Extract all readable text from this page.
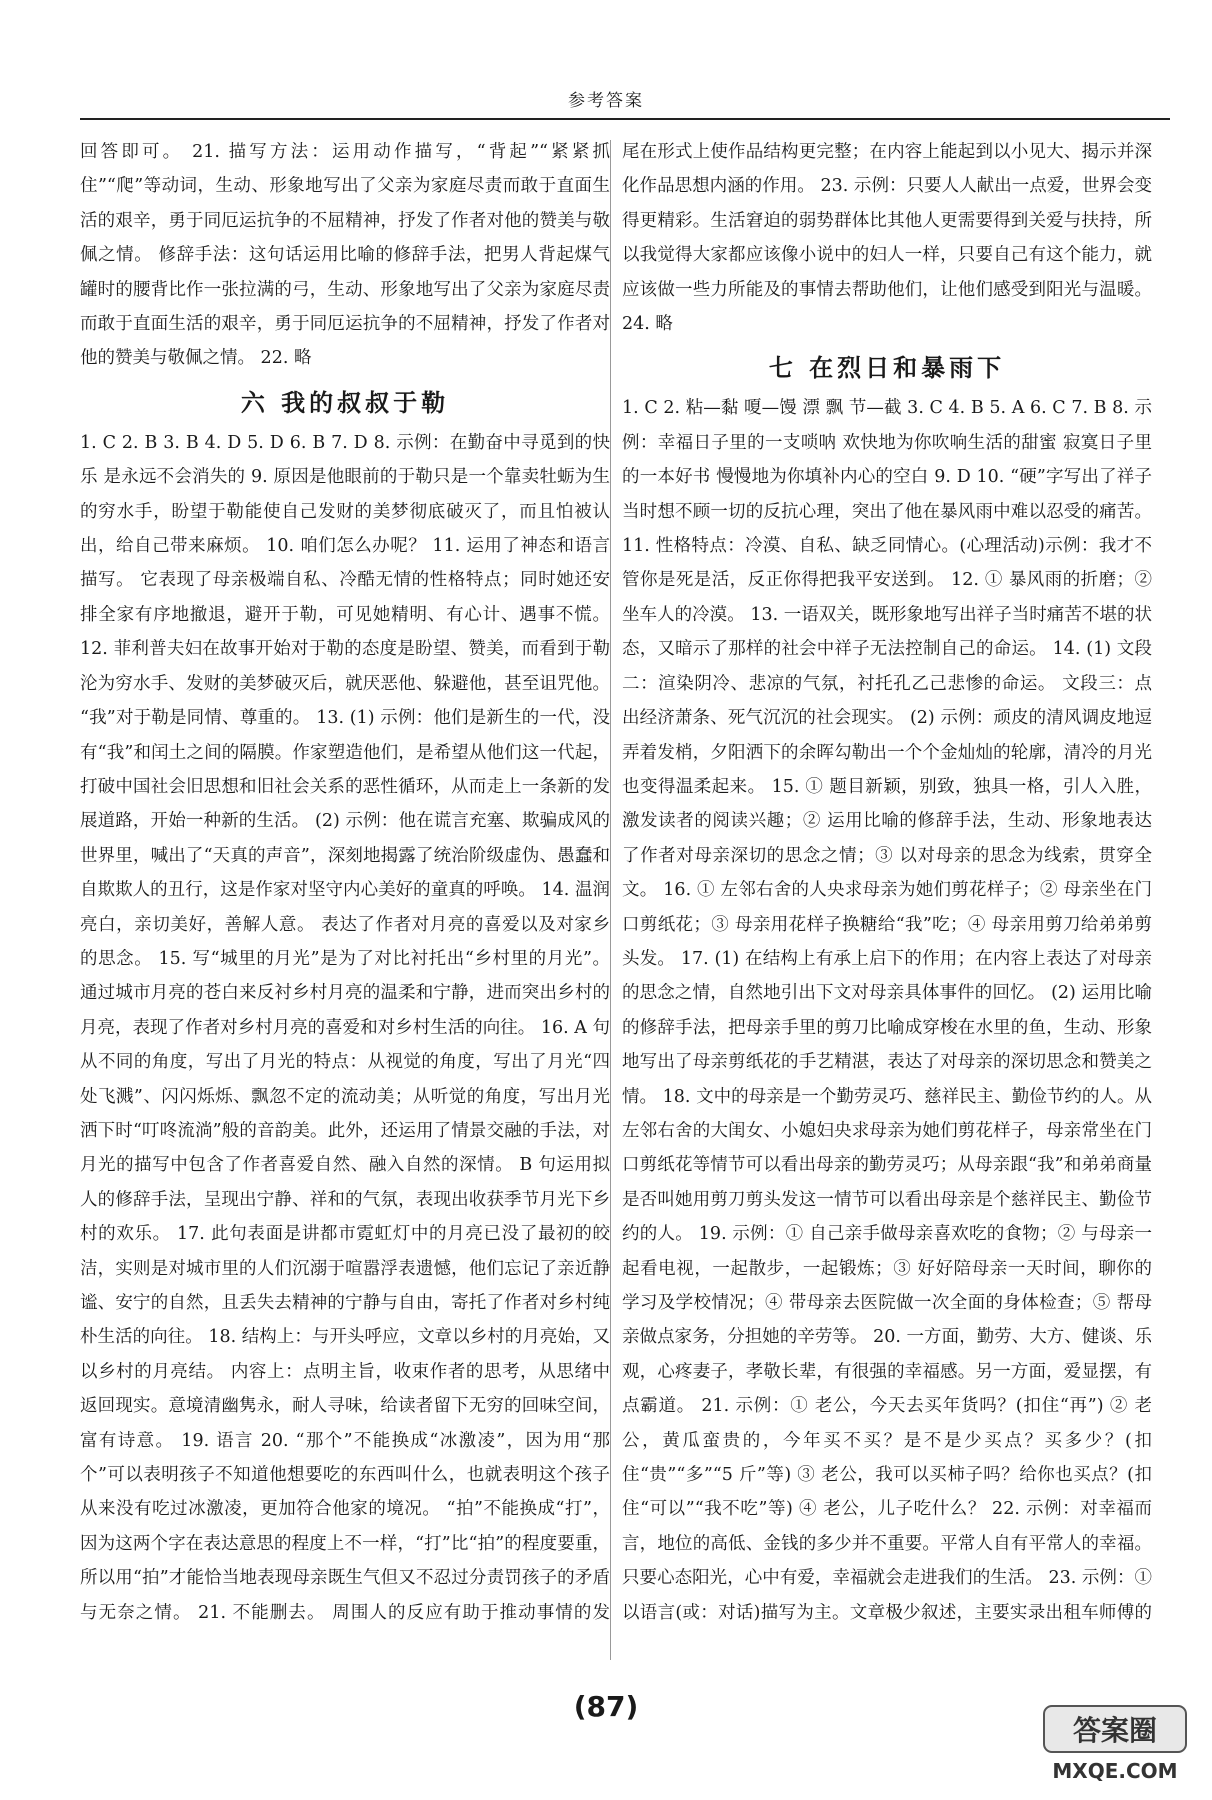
参考答案

回答即可。 21. 描写方法：运用动作描写，“背起”“紧紧抓住”“爬”等动词，生动、形象地写出了父亲为家庭尽责而敢于直面生活的艰辛，勇于同厄运抗争的不屈精神，抒发了作者对他的赞美与敬佩之情。 修辞手法：这句话运用比喻的修辞手法，把男人背起煤气罐时的腰背比作一张拉满的弓，生动、形象地写出了父亲为家庭尽责而敢于直面生活的艰辛，勇于同厄运抗争的不屈精神，抒发了作者对他的赞美与敬佩之情。 22. 略

六 我的叔叔于勒

1. C 2. B 3. B 4. D 5. D 6. B 7. D 8. 示例：在勤奋中寻觅到的快乐 是永远不会消失的 9. 原因是他眼前的于勒只是一个靠卖牡蛎为生的穷水手，盼望于勒能使自己发财的美梦彻底破灭了，而且怕被认出，给自己带来麻烦。 10. 咱们怎么办呢？ 11. 运用了神态和语言描写。 它表现了母亲极端自私、冷酷无情的性格特点；同时她还安排全家有序地撤退，避开于勒，可见她精明、有心计、遇事不慌。 12. 菲利普夫妇在故事开始对于勒的态度是盼望、赞美，而看到于勒沦为穷水手、发财的美梦破灭后，就厌恶他、躲避他，甚至诅咒他。 “我”对于勒是同情、尊重的。 13. (1) 示例：他们是新生的一代，没有“我”和闰土之间的隔膜。作家塑造他们，是希望从他们这一代起，打破中国社会旧思想和旧社会关系的恶性循环，从而走上一条新的发展道路，开始一种新的生活。 (2) 示例：他在谎言充塞、欺骗成风的世界里，喊出了“天真的声音”，深刻地揭露了统治阶级虚伪、愚蠢和自欺欺人的丑行，这是作家对坚守内心美好的童真的呼唤。 14. 温润亮白，亲切美好，善解人意。 表达了作者对月亮的喜爱以及对家乡的思念。 15. 写“城里的月光”是为了对比衬托出“乡村里的月光”。 通过城市月亮的苍白来反衬乡村月亮的温柔和宁静，进而突出乡村的月亮，表现了作者对乡村月亮的喜爱和对乡村生活的向往。 16. A 句从不同的角度，写出了月光的特点：从视觉的角度，写出了月光“四处飞溅”、闪闪烁烁、飘忽不定的流动美；从听觉的角度，写出月光洒下时“叮咚流淌”般的音韵美。此外，还运用了情景交融的手法，对月光的描写中包含了作者喜爱自然、融入自然的深情。 B 句运用拟人的修辞手法，呈现出宁静、祥和的气氛，表现出收获季节月光下乡村的欢乐。 17. 此句表面是讲都市霓虹灯中的月亮已没了最初的皎洁，实则是对城市里的人们沉溺于喧嚣浮表遗憾，他们忘记了亲近静谧、安宁的自然，且丢失去精神的宁静与自由，寄托了作者对乡村纯朴生活的向往。 18. 结构上：与开头呼应，文章以乡村的月亮始，又以乡村的月亮结。 内容上：点明主旨，收束作者的思考，从思绪中返回现实。意境清幽隽永，耐人寻味，给读者留下无穷的回味空间，富有诗意。 19. 语言 20. “那个”不能换成“冰激凌”，因为用“那个”可以表明孩子不知道他想要吃的东西叫什么，也就表明这个孩子从来没有吃过冰激凌，更加符合他家的境况。 “拍”不能换成“打”，因为这两个字在表达意思的程度上不一样，“打”比“拍”的程度要重，所以用“拍”才能恰当地表现母亲既生气但又不忍过分责罚孩子的矛盾与无奈之情。 21. 不能删去。 周围人的反应有助于推动事情的发

尾在形式上使作品结构更完整；在内容上能起到以小见大、揭示并深化作品思想内涵的作用。 23. 示例：只要人人献出一点爱，世界会变得更精彩。生活窘迫的弱势群体比其他人更需要得到关爱与扶持，所以我觉得大家都应该像小说中的妇人一样，只要自己有这个能力，就应该做一些力所能及的事情去帮助他们，让他们感受到阳光与温暖。 24. 略

七 在烈日和暴雨下

1. C 2. 粘—黏 嗄—馒 漂 飘 节—截 3. C 4. B 5. A 6. C 7. B 8. 示例：幸福日子里的一支唢呐 欢快地为你吹响生活的甜蜜 寂寞日子里的一本好书 慢慢地为你填补内心的空白 9. D 10. “硬”字写出了祥子当时想不顾一切的反抗心理，突出了他在暴风雨中难以忍受的痛苦。 11. 性格特点：冷漠、自私、缺乏同情心。(心理活动)示例：我才不管你是死是活，反正你得把我平安送到。 12. ① 暴风雨的折磨；② 坐车人的冷漠。 13. 一语双关，既形象地写出祥子当时痛苦不堪的状态，又暗示了那样的社会中祥子无法控制自己的命运。 14. (1) 文段二：渲染阴冷、悲凉的气氛，衬托孔乙己悲惨的命运。 文段三：点出经济萧条、死气沉沉的社会现实。 (2) 示例：顽皮的清风调皮地逗弄着发梢，夕阳洒下的余晖勾勒出一个个金灿灿的轮廓，清冷的月光也变得温柔起来。 15. ① 题目新颖，别致，独具一格，引人入胜，激发读者的阅读兴趣；② 运用比喻的修辞手法，生动、形象地表达了作者对母亲深切的思念之情；③ 以对母亲的思念为线索，贯穿全文。 16. ① 左邻右舍的人央求母亲为她们剪花样子；② 母亲坐在门口剪纸花；③ 母亲用花样子换糖给“我”吃；④ 母亲用剪刀给弟弟剪头发。 17. (1) 在结构上有承上启下的作用；在内容上表达了对母亲的思念之情，自然地引出下文对母亲具体事件的回忆。 (2) 运用比喻的修辞手法，把母亲手里的剪刀比喻成穿梭在水里的鱼，生动、形象地写出了母亲剪纸花的手艺精湛，表达了对母亲的深切思念和赞美之情。 18. 文中的母亲是一个勤劳灵巧、慈祥民主、勤俭节约的人。从左邻右舍的大闺女、小媳妇央求母亲为她们剪花样子，母亲常坐在门口剪纸花等情节可以看出母亲的勤劳灵巧；从母亲跟“我”和弟弟商量是否叫她用剪刀剪头发这一情节可以看出母亲是个慈祥民主、勤俭节约的人。 19. 示例：① 自己亲手做母亲喜欢吃的食物；② 与母亲一起看电视，一起散步，一起锻炼；③ 好好陪母亲一天时间，聊你的学习及学校情况；④ 带母亲去医院做一次全面的身体检查；⑤ 帮母亲做点家务，分担她的辛劳等。 20. 一方面，勤劳、大方、健谈、乐观，心疼妻子，孝敬长辈，有很强的幸福感。另一方面，爱显摆，有点霸道。 21. 示例：① 老公，今天去买年货吗？(扣住“再”) ② 老公，黄瓜蛮贵的，今年买不买？是不是少买点？买多少？(扣住“贵”“多”“5 斤”等) ③ 老公，我可以买柿子吗？给你也买点？(扣住“可以”“我不吃”等) ④ 老公，儿子吃什么？ 22. 示例：对幸福而言，地位的高低、金钱的多少并不重要。平常人自有平常人的幸福。只要心态阳光，心中有爱，幸福就会走进我们的生活。 23. 示例：① 以语言(或：对话)描写为主。文章极少叙述，主要实录出租车师傅的

(87)
答案圈
MXQE.COM
